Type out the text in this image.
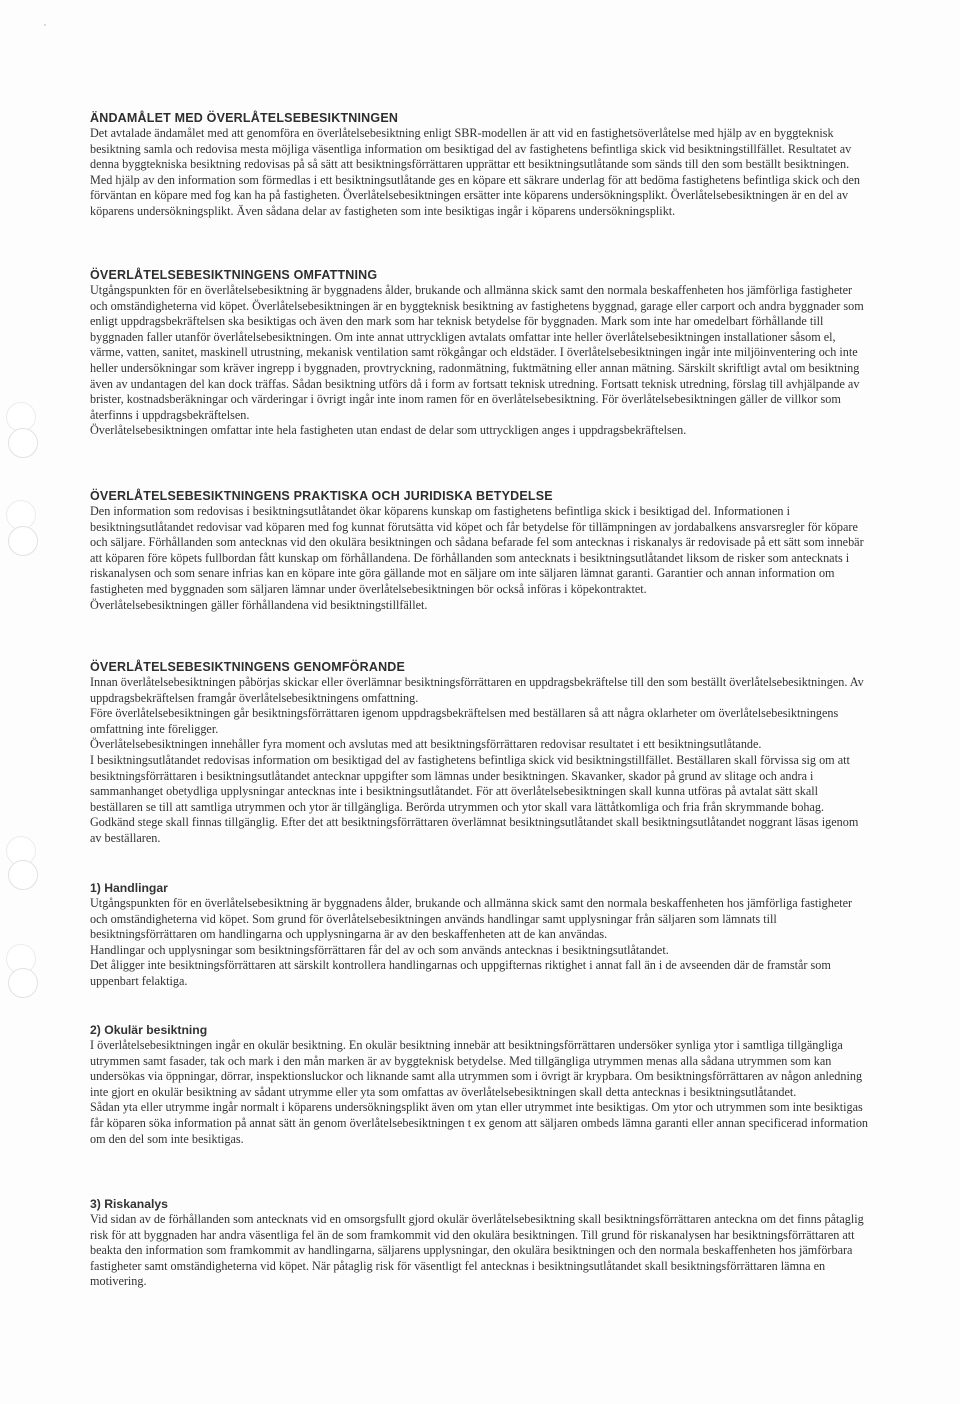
ÄNDAMÅLET MED ÖVERLÅTELSEBESIKTNINGEN

Det avtalade ändamålet med att genomföra en överlåtelsebesiktning enligt SBR-modellen är att vid en fastighetsöverlåtelse med hjälp av en byggteknisk besiktning samla och redovisa mesta möjliga väsentliga information om besiktigad del av fastighetens befintliga skick vid besiktningstillfället. Resultatet av denna byggtekniska besiktning redovisas på så sätt att besiktningsförrättaren upprättar ett besiktningsutlåtande som sänds till den som beställt besiktningen. Med hjälp av den information som förmedlas i ett besiktningsutlåtande ges en köpare ett säkrare underlag för att bedöma fastighetens befintliga skick och den förväntan en köpare med fog kan ha på fastigheten. Överlåtelsebesiktningen ersätter inte köparens undersökningsplikt. Överlåtelsebesiktningen är en del av köparens undersökningsplikt. Även sådana delar av fastigheten som inte besiktigas ingår i köparens undersökningsplikt.

ÖVERLÅTELSEBESIKTNINGENS OMFATTNING

Utgångspunkten för en överlåtelsebesiktning är byggnadens ålder, brukande och allmänna skick samt den normala beskaffenheten hos jämförliga fastigheter och omständigheterna vid köpet. Överlåtelsebesiktningen är en byggteknisk besiktning av fastighetens byggnad, garage eller carport och andra byggnader som enligt uppdragsbekräftelsen ska besiktigas och även den mark som har teknisk betydelse för byggnaden. Mark som inte har omedelbart förhållande till byggnaden faller utanför överlåtelsebesiktningen. Om inte annat uttryckligen avtalats omfattar inte heller överlåtelsebesiktningen installationer såsom el, värme, vatten, sanitet, maskinell utrustning, mekanisk ventilation samt rökgångar och eldstäder. I överlåtelsebesiktningen ingår inte miljöinventering och inte heller undersökningar som kräver ingrepp i byggnaden, provtryckning, radonmätning, fuktmätning eller annan mätning. Särskilt skriftligt avtal om besiktning även av undantagen del kan dock träffas. Sådan besiktning utförs då i form av fortsatt teknisk utredning. Fortsatt teknisk utredning, förslag till avhjälpande av brister, kostnadsberäkningar och värderingar i övrigt ingår inte inom ramen för en överlåtelsebesiktning. För överlåtelsebesiktningen gäller de villkor som återfinns i uppdragsbekräftelsen.

Överlåtelsebesiktningen omfattar inte hela fastigheten utan endast de delar som uttryckligen anges i uppdragsbekräftelsen.

ÖVERLÅTELSEBESIKTNINGENS PRAKTISKA OCH JURIDISKA BETYDELSE

Den information som redovisas i besiktningsutlåtandet ökar köparens kunskap om fastighetens befintliga skick i besiktigad del. Informationen i besiktningsutlåtandet redovisar vad köparen med fog kunnat förutsätta vid köpet och får betydelse för tillämpningen av jordabalkens ansvarsregler för köpare och säljare. Förhållanden som antecknas vid den okulära besiktningen och sådana befarade fel som antecknas i riskanalys är redovisade på ett sätt som innebär att köparen före köpets fullbordan fått kunskap om förhållandena. De förhållanden som antecknats i besiktningsutlåtandet liksom de risker som antecknats i riskanalysen och som senare infrias kan en köpare inte göra gällande mot en säljare om inte säljaren lämnat garanti. Garantier och annan information om fastigheten med byggnaden som säljaren lämnar under överlåtelsebesiktningen bör också införas i köpekontraktet.

Överlåtelsebesiktningen gäller förhållandena vid besiktningstillfället.

ÖVERLÅTELSEBESIKTNINGENS GENOMFÖRANDE

Innan överlåtelsebesiktningen påbörjas skickar eller överlämnar besiktningsförrättaren en uppdragsbekräftelse till den som beställt överlåtelsebesiktningen. Av uppdragsbekräftelsen framgår överlåtelsebesiktningens omfattning.

Före överlåtelsebesiktningen går besiktningsförrättaren igenom uppdragsbekräftelsen med beställaren så att några oklarheter om överlåtelsebesiktningens omfattning inte föreligger.

Överlåtelsebesiktningen innehåller fyra moment och avslutas med att besiktningsförrättaren redovisar resultatet i ett besiktningsutlåtande.

I besiktningsutlåtandet redovisas information om besiktigad del av fastighetens befintliga skick vid besiktningstillfället. Beställaren skall förvissa sig om att besiktningsförrättaren i besiktningsutlåtandet antecknar uppgifter som lämnas under besiktningen. Skavanker, skador på grund av slitage och andra i sammanhanget obetydliga upplysningar antecknas inte i besiktningsutlåtandet. För att överlåtelsebesiktningen skall kunna utföras på avtalat sätt skall beställaren se till att samtliga utrymmen och ytor är tillgängliga. Berörda utrymmen och ytor skall vara lättåtkomliga och fria från skrymmande bohag. Godkänd stege skall finnas tillgänglig. Efter det att besiktningsförrättaren överlämnat besiktningsutlåtandet skall besiktningsutlåtandet noggrant läsas igenom av beställaren.

1) Handlingar

Utgångspunkten för en överlåtelsebesiktning är byggnadens ålder, brukande och allmänna skick samt den normala beskaffenheten hos jämförliga fastigheter och omständigheterna vid köpet. Som grund för överlåtelsebesiktningen används handlingar samt upplysningar från säljaren som lämnats till besiktningsförrättaren om handlingarna och upplysningarna är av den beskaffenheten att de kan användas.

Handlingar och upplysningar som besiktningsförrättaren får del av och som används antecknas i besiktningsutlåtandet.

Det åligger inte besiktningsförrättaren att särskilt kontrollera handlingarnas och uppgifternas riktighet i annat fall än i de avseenden där de framstår som uppenbart felaktiga.

2) Okulär besiktning

I överlåtelsebesiktningen ingår en okulär besiktning. En okulär besiktning innebär att besiktningsförrättaren undersöker synliga ytor i samtliga tillgängliga utrymmen samt fasader, tak och mark i den mån marken är av byggteknisk betydelse. Med tillgängliga utrymmen menas alla sådana utrymmen som kan undersökas via öppningar, dörrar, inspektionsluckor och liknande samt alla utrymmen som i övrigt är krypbara. Om besiktningsförrättaren av någon anledning inte gjort en okulär besiktning av sådant utrymme eller yta som omfattas av överlåtelsebesiktningen skall detta antecknas i besiktningsutlåtandet.

Sådan yta eller utrymme ingår normalt i köparens undersökningsplikt även om ytan eller utrymmet inte besiktigas. Om ytor och utrymmen som inte besiktigas får köparen söka information på annat sätt än genom överlåtelsebesiktningen t ex genom att säljaren ombeds lämna garanti eller annan specificerad information om den del som inte besiktigas.

3) Riskanalys

Vid sidan av de förhållanden som antecknats vid en omsorgsfullt gjord okulär överlåtelsebesiktning skall besiktningsförrättaren anteckna om det finns påtaglig risk för att byggnaden har andra väsentliga fel än de som framkommit vid den okulära besiktningen. Till grund för riskanalysen har besiktningsförrättaren att beakta den information som framkommit av handlingarna, säljarens upplysningar, den okulära besiktningen och den normala beskaffenheten hos jämförbara fastigheter samt omständigheterna vid köpet. När påtaglig risk för väsentligt fel antecknas i besiktningsutlåtandet skall besiktningsförrättaren lämna en motivering.
